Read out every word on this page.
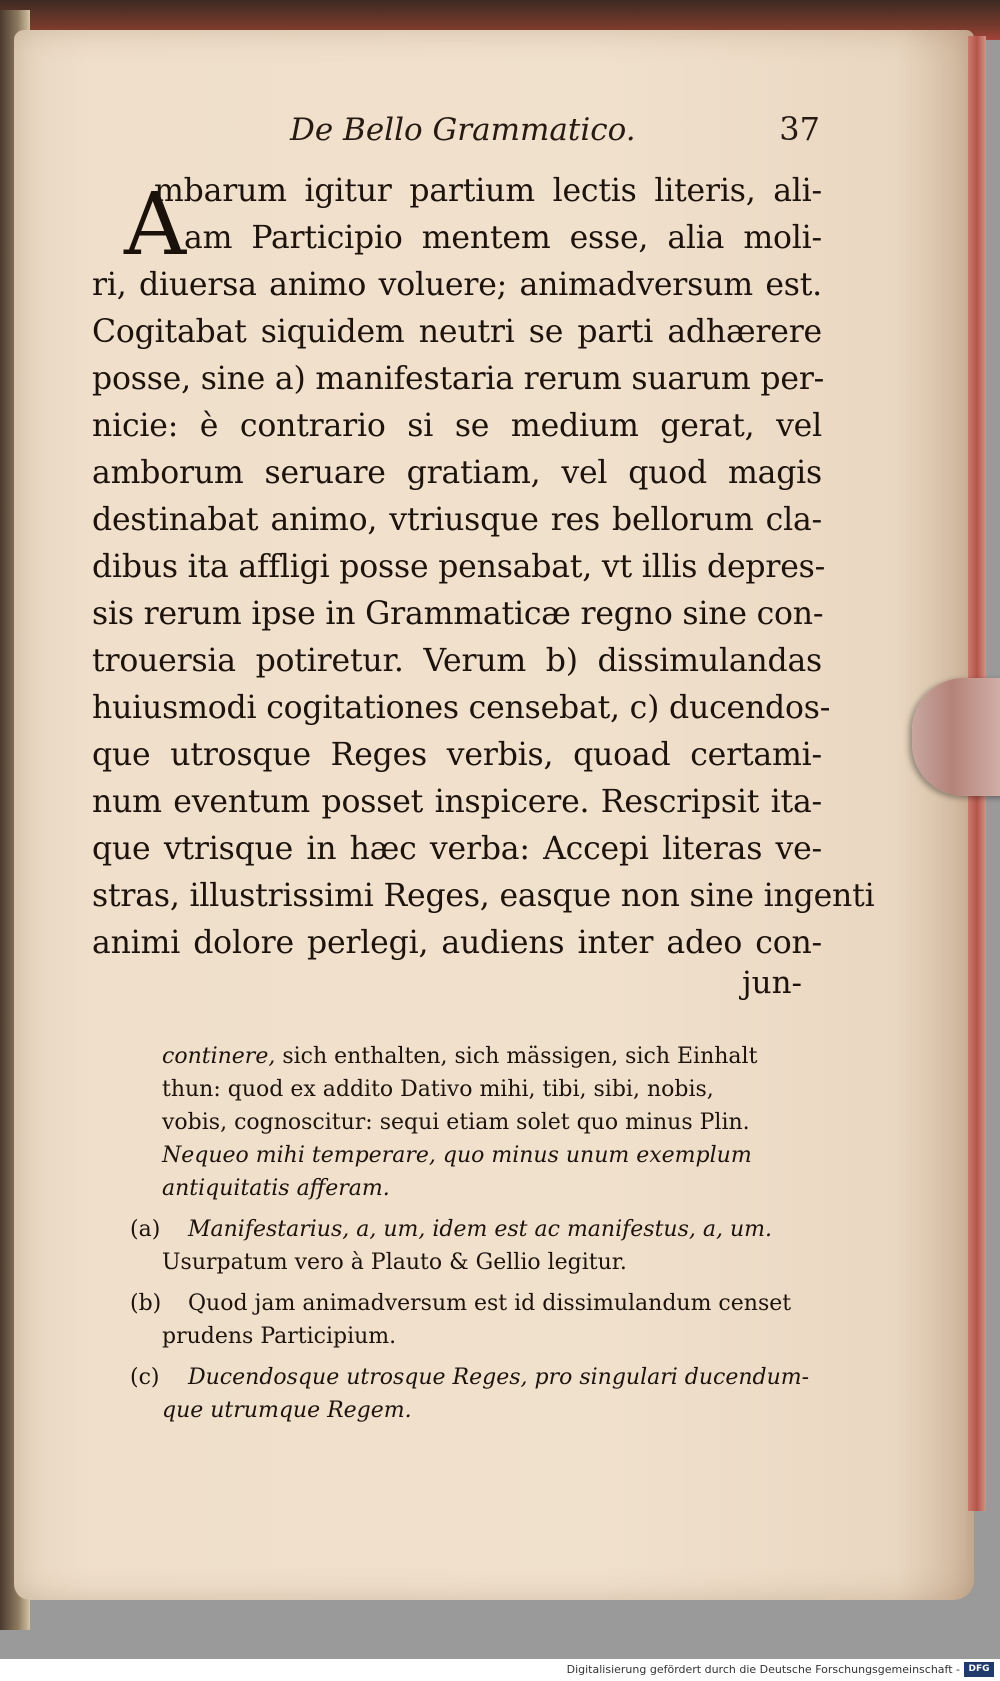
De Bello Grammatico.	37
A
mbarum igitur partium lectis literis, ali-
am Participio mentem esse, alia moli-
ri, diuersa animo voluere; animadversum est.
Cogitabat siquidem neutri se parti adhærere
posse, sine a) manifestaria rerum suarum per-
nicie: è contrario si se medium gerat, vel
amborum seruare gratiam, vel quod magis
destinabat animo, vtriusque res bellorum cla-
dibus ita affligi posse pensabat, vt illis depres-
sis rerum ipse in Grammaticæ regno sine con-
trouersia potiretur. Verum b) dissimulandas
huiusmodi cogitationes censebat, c) ducendos-
que utrosque Reges verbis, quoad certami-
num eventum posset inspicere. Rescripsit ita-
que vtrisque in hæc verba: Accepi literas ve-
stras, illustrissimi Reges, easque non sine ingenti
animi dolore perlegi, audiens inter adeo con-
jun-
continere, sich enthalten, sich mässigen, sich Einhalt
thun: quod ex addito Dativo mihi, tibi, sibi, nobis,
vobis, cognoscitur: sequi etiam solet quo minus Plin.
Nequeo mihi temperare, quo minus unum exemplum
antiquitatis afferam.
(a) Manifestarius, a, um, idem est ac manifestus, a, um.
Usurpatum vero à Plauto & Gellio legitur.
(b) Quod jam animadversum est id dissimulandum censet
prudens Participium.
(c) Ducendosque utrosque Reges, pro singulari ducendum-
que utrumque Regem.
Digitalisierung gefördert durch die Deutsche Forschungsgemeinschaft - DFG
